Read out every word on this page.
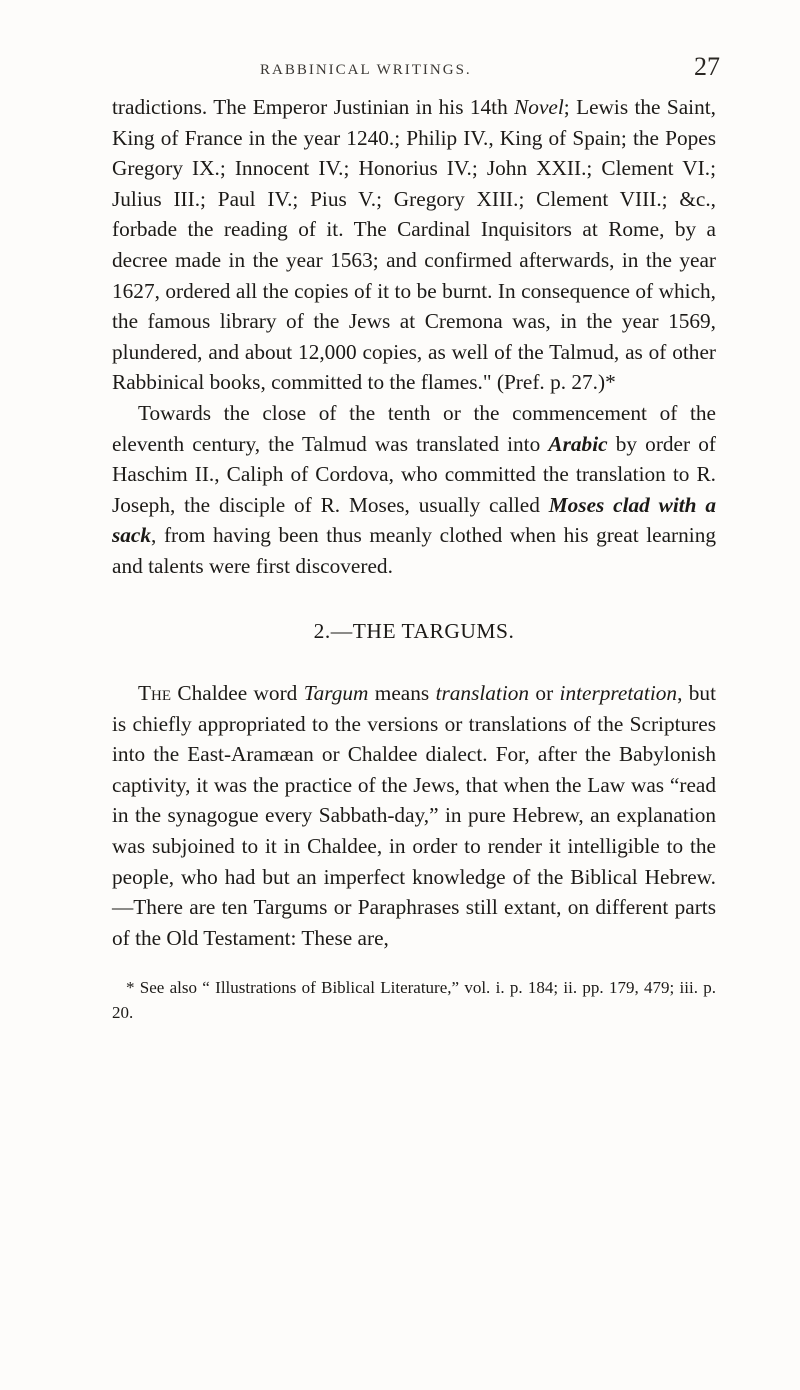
RABBINICAL WRITINGS.	27

tradictions. The Emperor Justinian in his 14th Novel; Lewis the Saint, King of France in the year 1240.; Philip IV., King of Spain; the Popes Gregory IX.; Innocent IV.; Honorius IV.; John XXII.; Clement VI.; Julius III.; Paul IV.; Pius V.; Gregory XIII.; Clement VIII.; &c., forbade the reading of it. The Cardinal Inquisitors at Rome, by a decree made in the year 1563; and confirmed afterwards, in the year 1627, ordered all the copies of it to be burnt. In consequence of which, the famous library of the Jews at Cremona was, in the year 1569, plundered, and about 12,000 copies, as well of the Talmud, as of other Rabbinical books, committed to the flames." (Pref. p. 27.)*

Towards the close of the tenth or the commencement of the eleventh century, the Talmud was translated into Arabic by order of Haschim II., Caliph of Cordova, who committed the translation to R. Joseph, the disciple of R. Moses, usually called Moses clad with a sack, from having been thus meanly clothed when his great learning and talents were first discovered.

2.—THE TARGUMS.

The Chaldee word Targum means translation or interpretation, but is chiefly appropriated to the versions or translations of the Scriptures into the East-Aramæan or Chaldee dialect. For, after the Babylonish captivity, it was the practice of the Jews, that when the Law was “read in the synagogue every Sabbath-day,” in pure Hebrew, an explanation was subjoined to it in Chaldee, in order to render it intelligible to the people, who had but an imperfect knowledge of the Biblical Hebrew.—There are ten Targums or Paraphrases still extant, on different parts of the Old Testament: These are,

* See also “ Illustrations of Biblical Literature,” vol. i. p. 184; ii. pp. 179, 479; iii. p. 20.
